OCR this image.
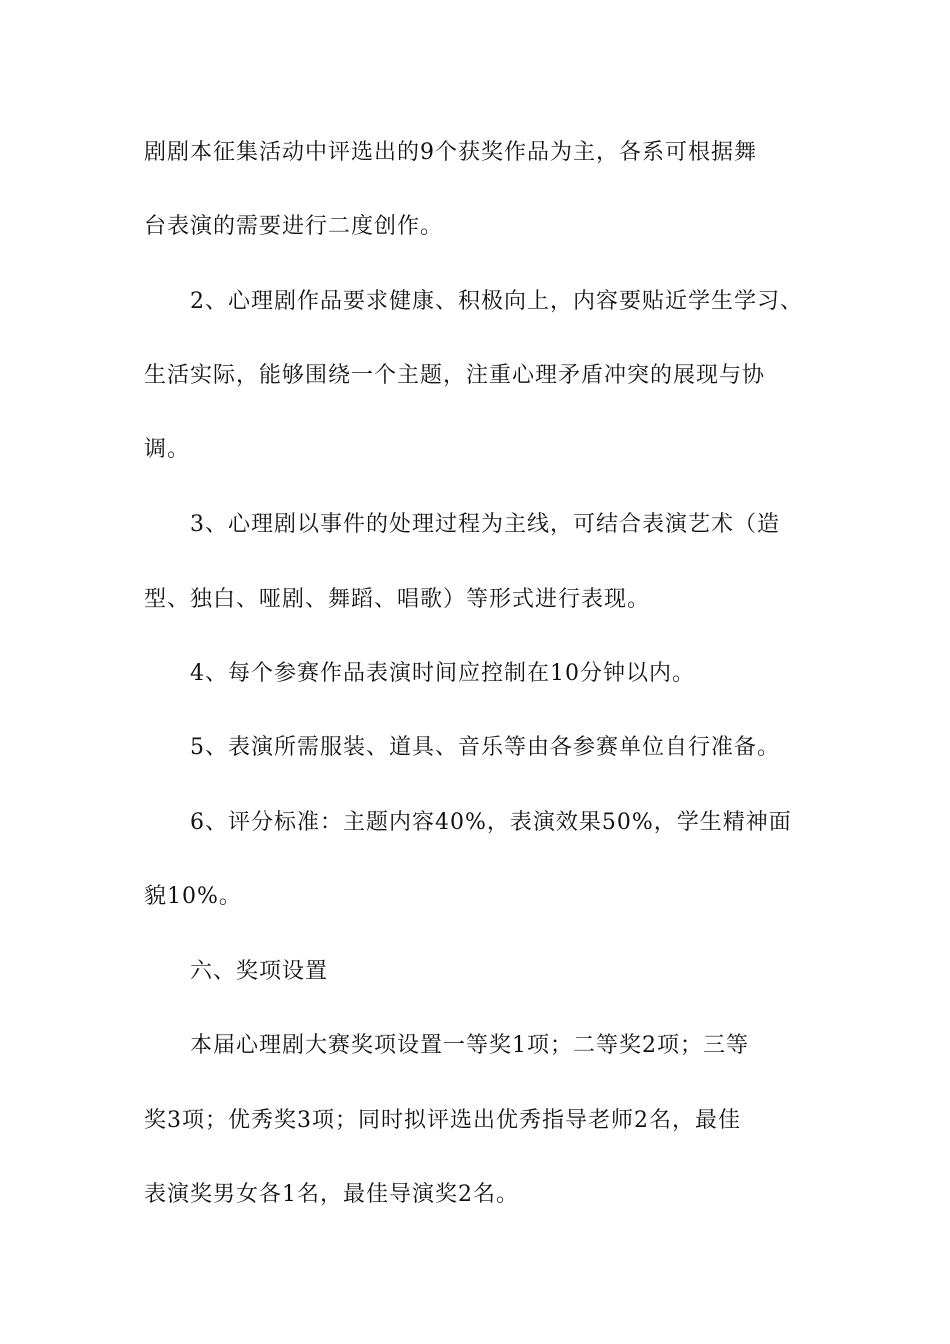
剧剧本征集活动中评选出的9个获奖作品为主，各系可根据舞
台表演的需要进行二度创作。
2、心理剧作品要求健康、积极向上，内容要贴近学生学习、
生活实际，能够围绕一个主题，注重心理矛盾冲突的展现与协
调。
3、心理剧以事件的处理过程为主线，可结合表演艺术（造
型、独白、哑剧、舞蹈、唱歌）等形式进行表现。
4、每个参赛作品表演时间应控制在10分钟以内。
5、表演所需服装、道具、音乐等由各参赛单位自行准备。
6、评分标准：主题内容40%，表演效果50%，学生精神面
貌10%。
六、奖项设置
本届心理剧大赛奖项设置一等奖1项；二等奖2项；三等
奖3项；优秀奖3项；同时拟评选出优秀指导老师2名，最佳
表演奖男女各1名，最佳导演奖2名。
